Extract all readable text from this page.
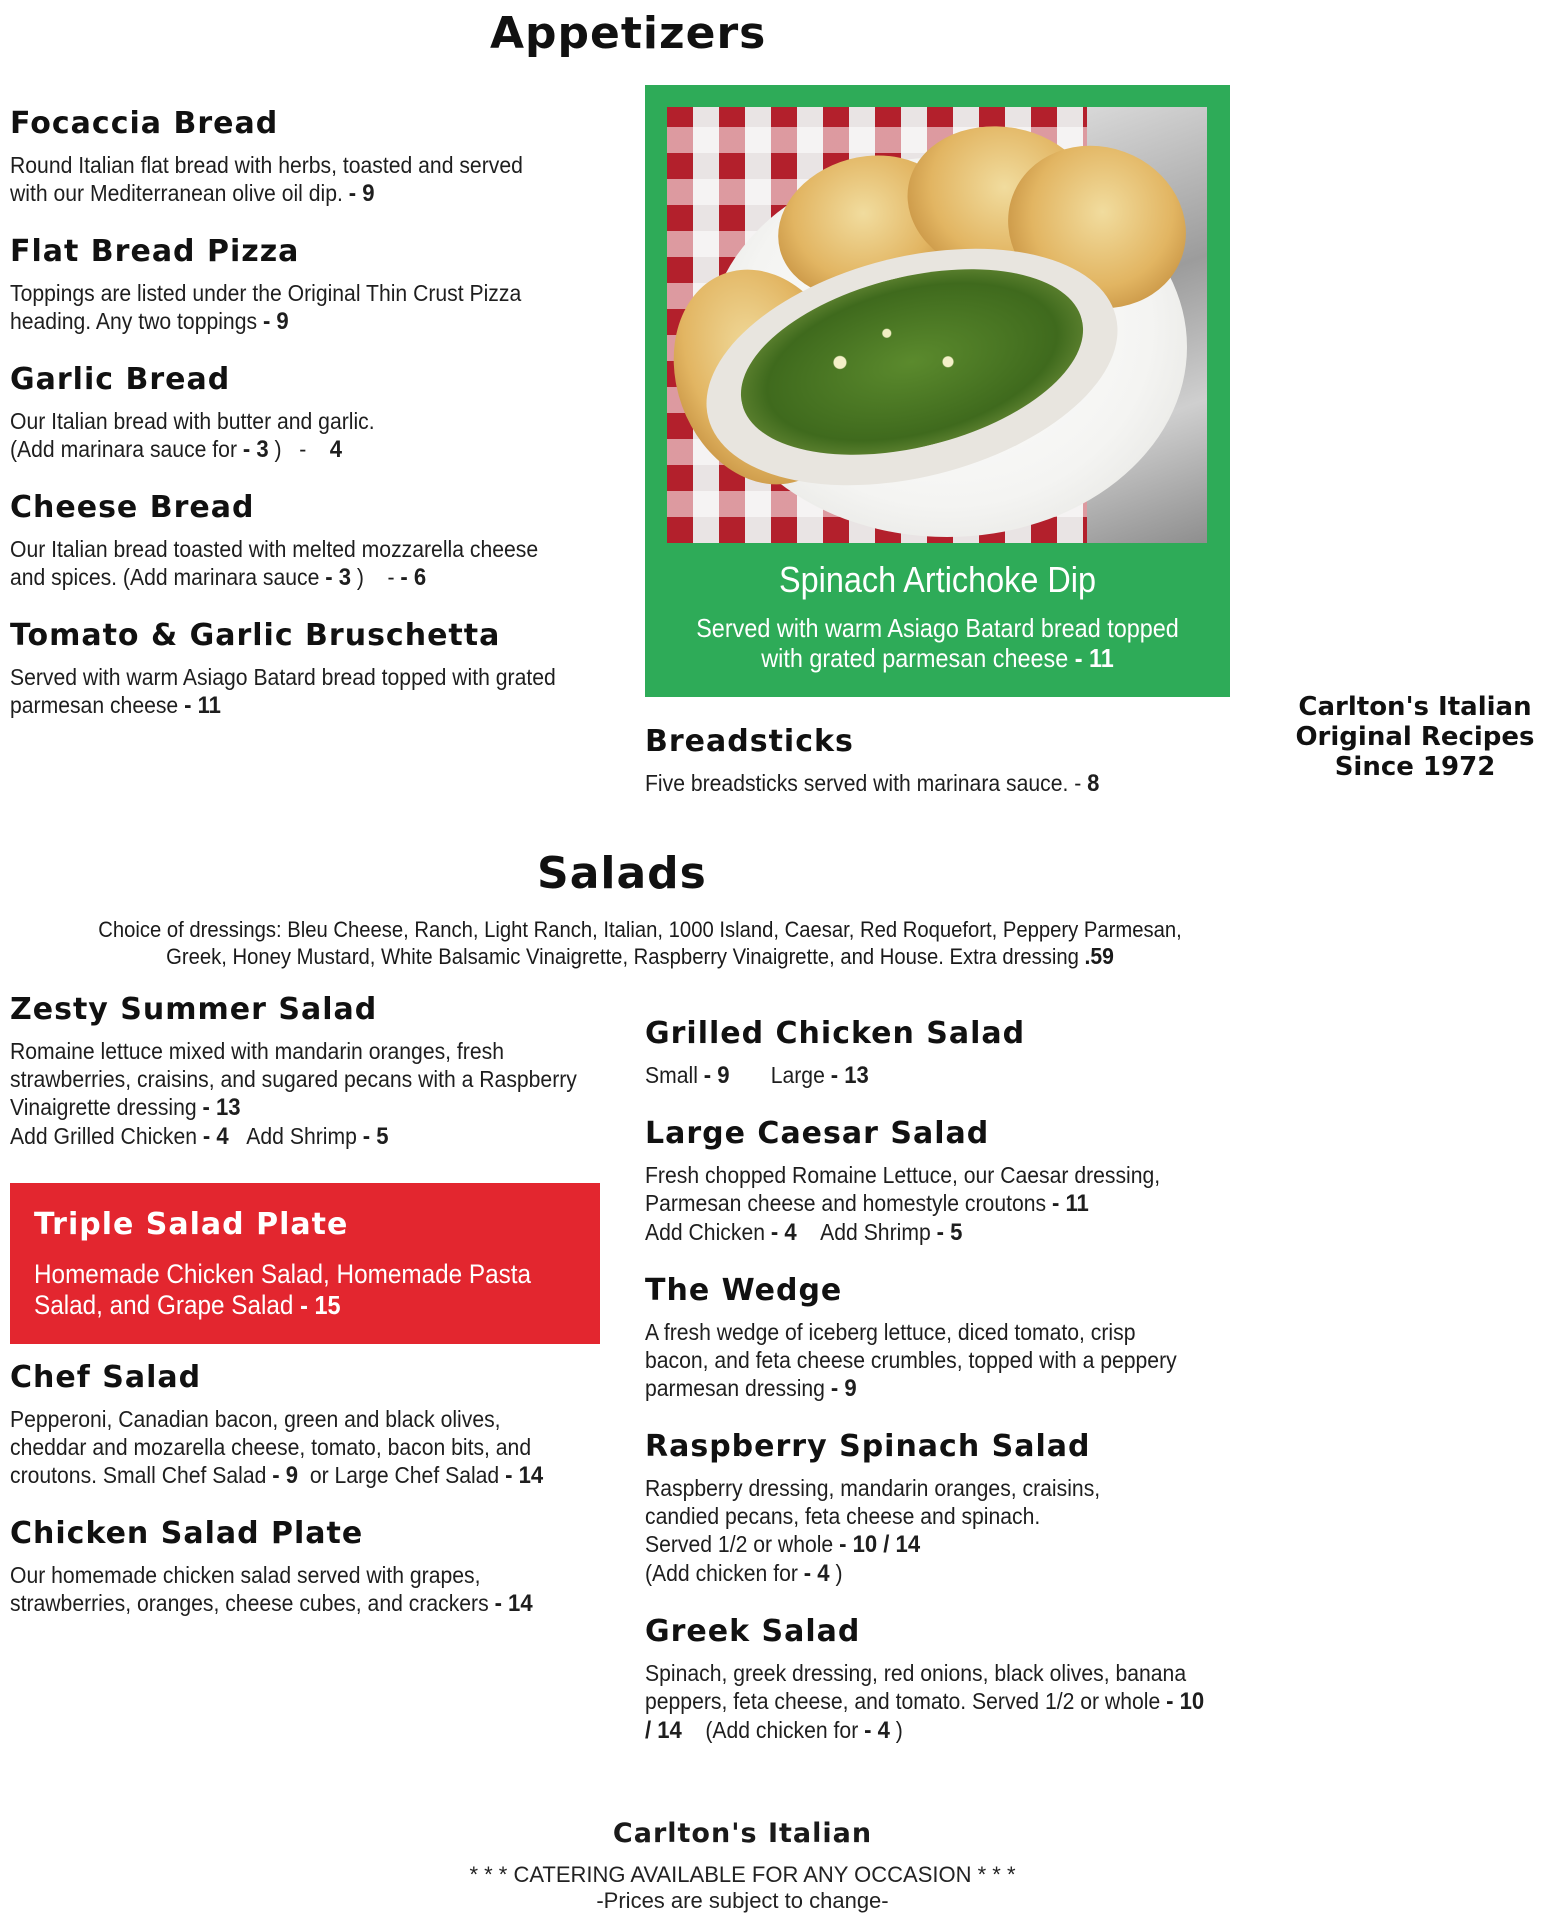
Appetizers
Focaccia Bread
Round Italian flat bread with herbs, toasted and served with our Mediterranean olive oil dip. - 9
Flat Bread Pizza
Toppings are listed under the Original Thin Crust Pizza heading. Any two toppings - 9
Garlic Bread
Our Italian bread with butter and garlic.
(Add marinara sauce for - 3 ) - 4
Cheese Bread
Our Italian bread toasted with melted mozzarella cheese and spices. (Add marinara sauce - 3 ) - - 6
Tomato & Garlic Bruschetta
Served with warm Asiago Batard bread topped with grated parmesan cheese - 11
Spinach Artichoke Dip
Served with warm Asiago Batard bread topped with grated parmesan cheese - 11
Breadsticks
Five breadsticks served with marinara sauce. - 8
Carlton's Italian Original Recipes Since 1972
Salads
Choice of dressings: Bleu Cheese, Ranch, Light Ranch, Italian, 1000 Island, Caesar, Red Roquefort, Peppery Parmesan, Greek, Honey Mustard, White Balsamic Vinaigrette, Raspberry Vinaigrette, and House. Extra dressing .59
Zesty Summer Salad
Romaine lettuce mixed with mandarin oranges, fresh strawberries, craisins, and sugared pecans with a Raspberry Vinaigrette dressing - 13
Add Grilled Chicken - 4 Add Shrimp - 5
Triple Salad Plate
Homemade Chicken Salad, Homemade Pasta Salad, and Grape Salad - 15
Chef Salad
Pepperoni, Canadian bacon, green and black olives, cheddar and mozarella cheese, tomato, bacon bits, and croutons. Small Chef Salad - 9 or Large Chef Salad - 14
Chicken Salad Plate
Our homemade chicken salad served with grapes, strawberries, oranges, cheese cubes, and crackers - 14
Grilled Chicken Salad
Small - 9 Large - 13
Large Caesar Salad
Fresh chopped Romaine Lettuce, our Caesar dressing, Parmesan cheese and homestyle croutons - 11
Add Chicken - 4 Add Shrimp - 5
The Wedge
A fresh wedge of iceberg lettuce, diced tomato, crisp bacon, and feta cheese crumbles, topped with a peppery parmesan dressing - 9
Raspberry Spinach Salad
Raspberry dressing, mandarin oranges, craisins,
candied pecans, feta cheese and spinach.
Served 1/2 or whole - 10 / 14
(Add chicken for - 4 )
Greek Salad
Spinach, greek dressing, red onions, black olives, banana peppers, feta cheese, and tomato. Served 1/2 or whole - 10 / 14 (Add chicken for - 4 )
Carlton's Italian
* * * CATERING AVAILABLE FOR ANY OCCASION * * *
-Prices are subject to change-
